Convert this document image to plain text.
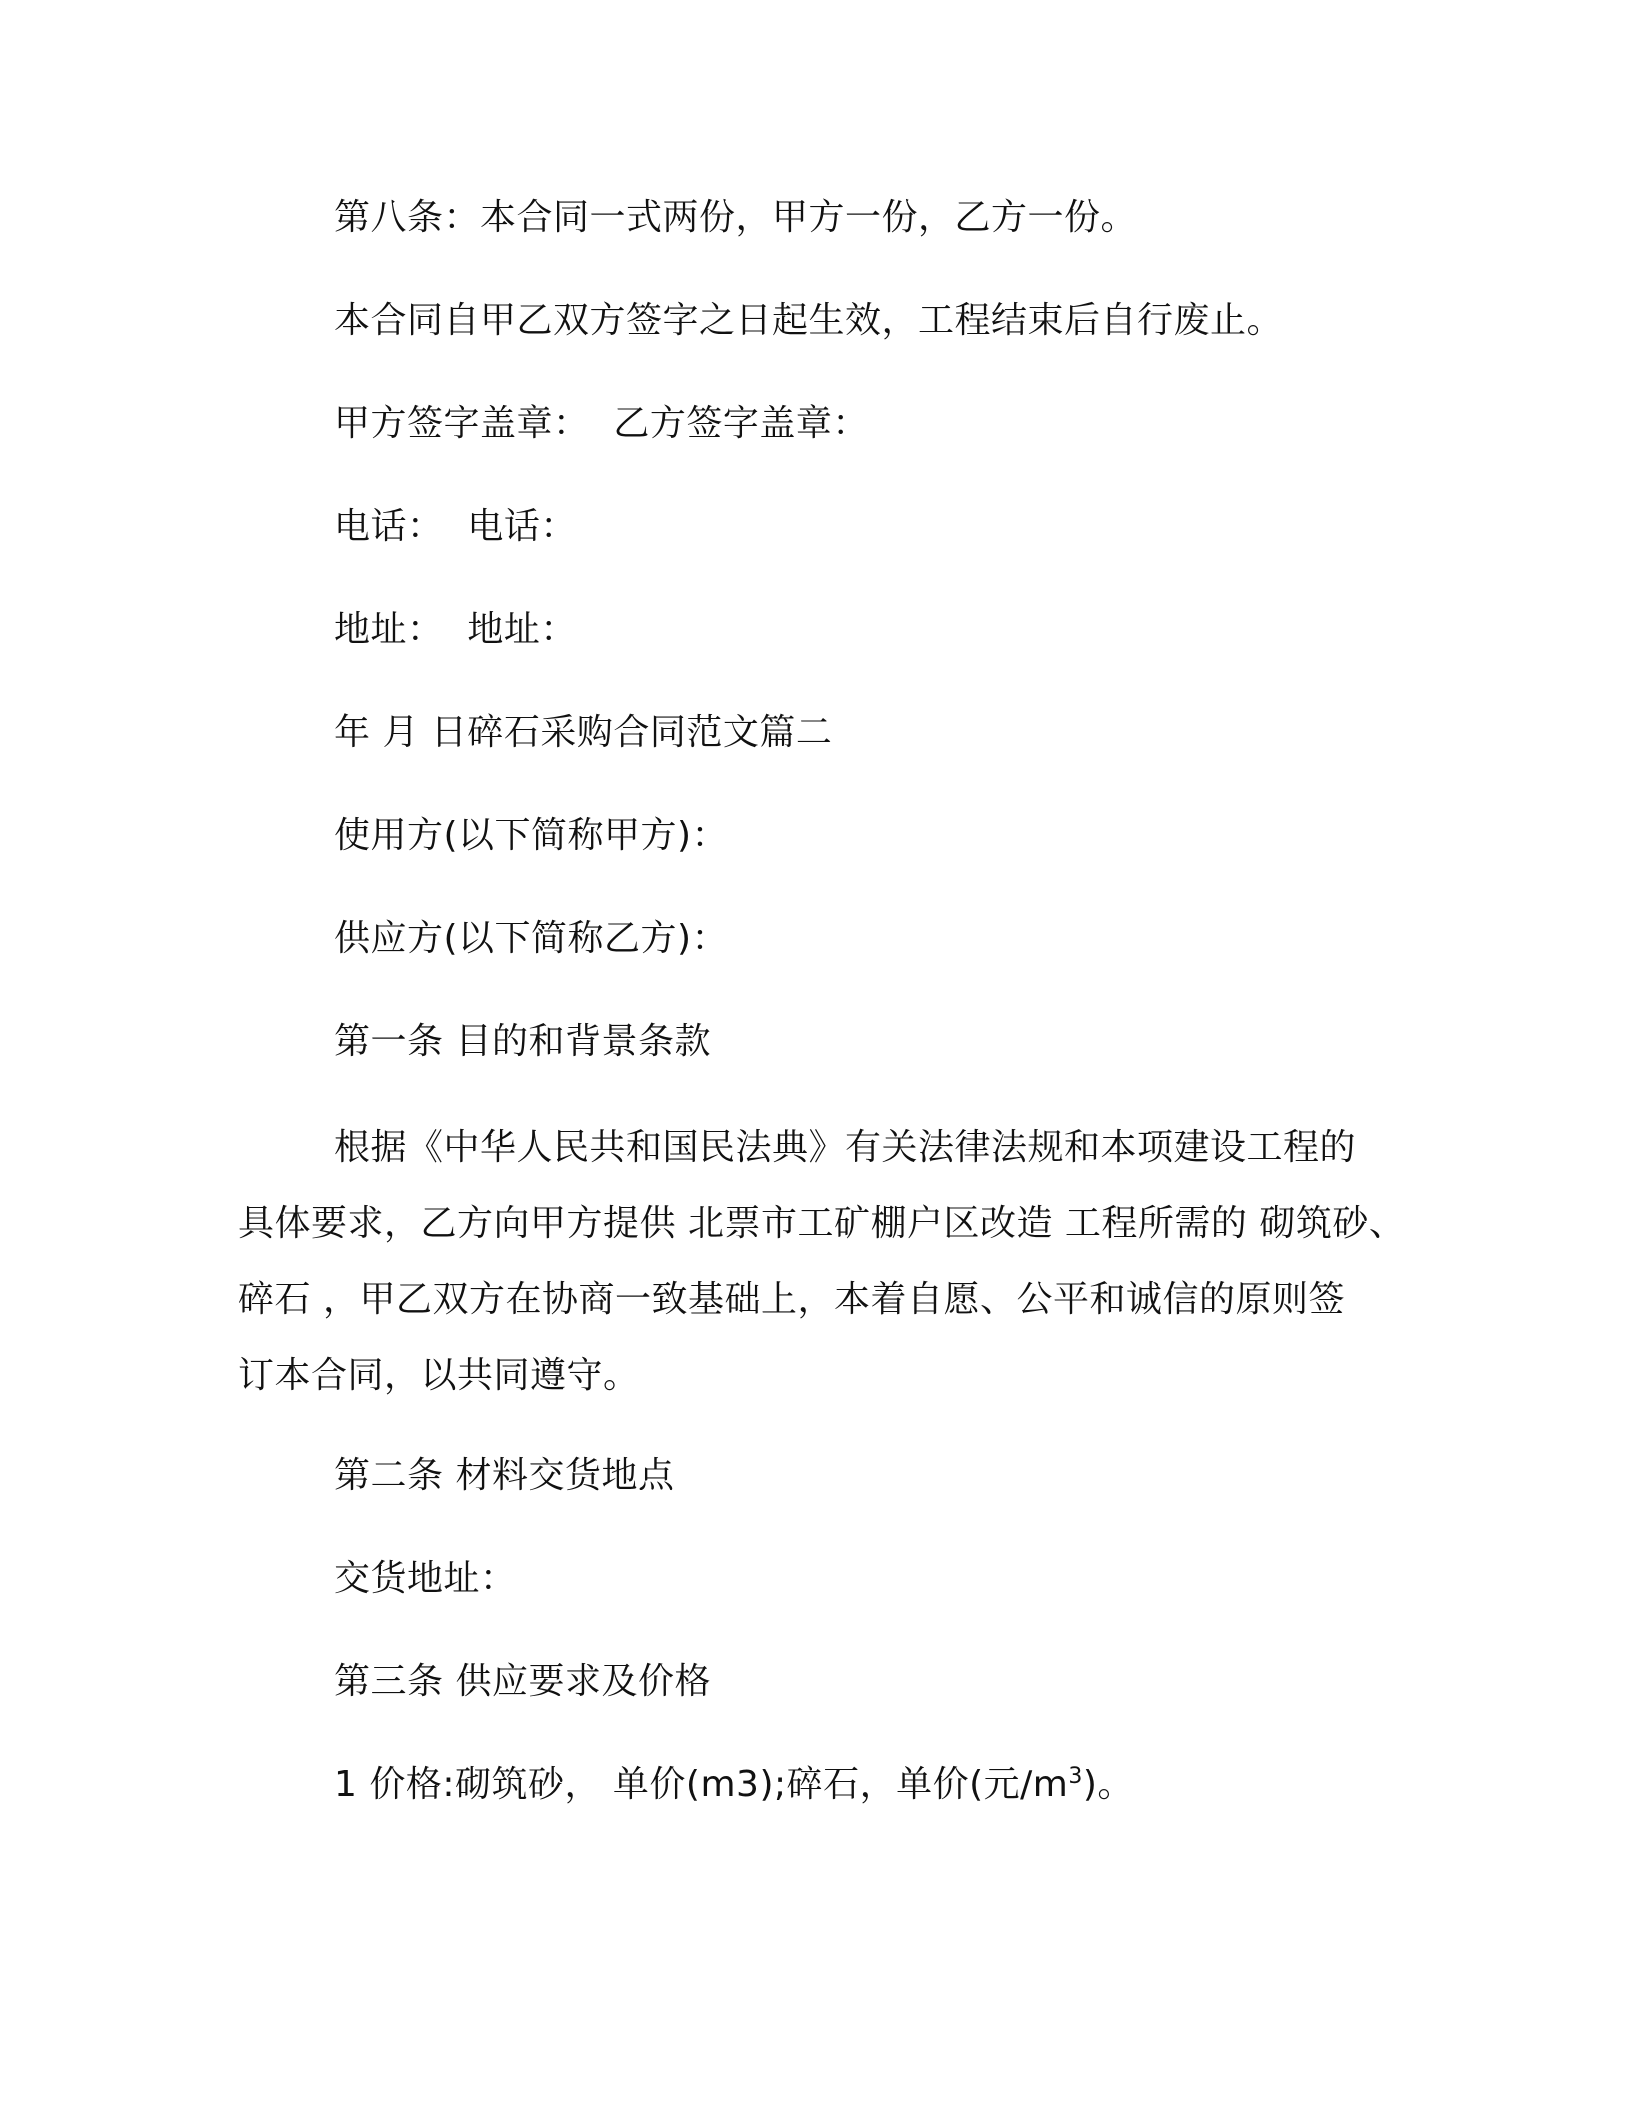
第八条：本合同一式两份，甲方一份，乙方一份。
本合同自甲乙双方签字之日起生效，工程结束后自行废止。
甲方签字盖章：  乙方签字盖章：
电话：  电话：
地址：  地址：
年 月 日碎石采购合同范文篇二
使用方(以下简称甲方)：
供应方(以下简称乙方)：
第一条 目的和背景条款
根据《中华人民共和国民法典》有关法律法规和本项建设工程的
具体要求，乙方向甲方提供 北票市工矿棚户区改造 工程所需的 砌筑砂、
碎石 ，甲乙双方在协商一致基础上，本着自愿、公平和诚信的原则签
订本合同，以共同遵守。
第二条 材料交货地点
交货地址：
第三条 供应要求及价格
1 价格:砌筑砂， 单价(m3);碎石，单价(元$/m^3$)。
